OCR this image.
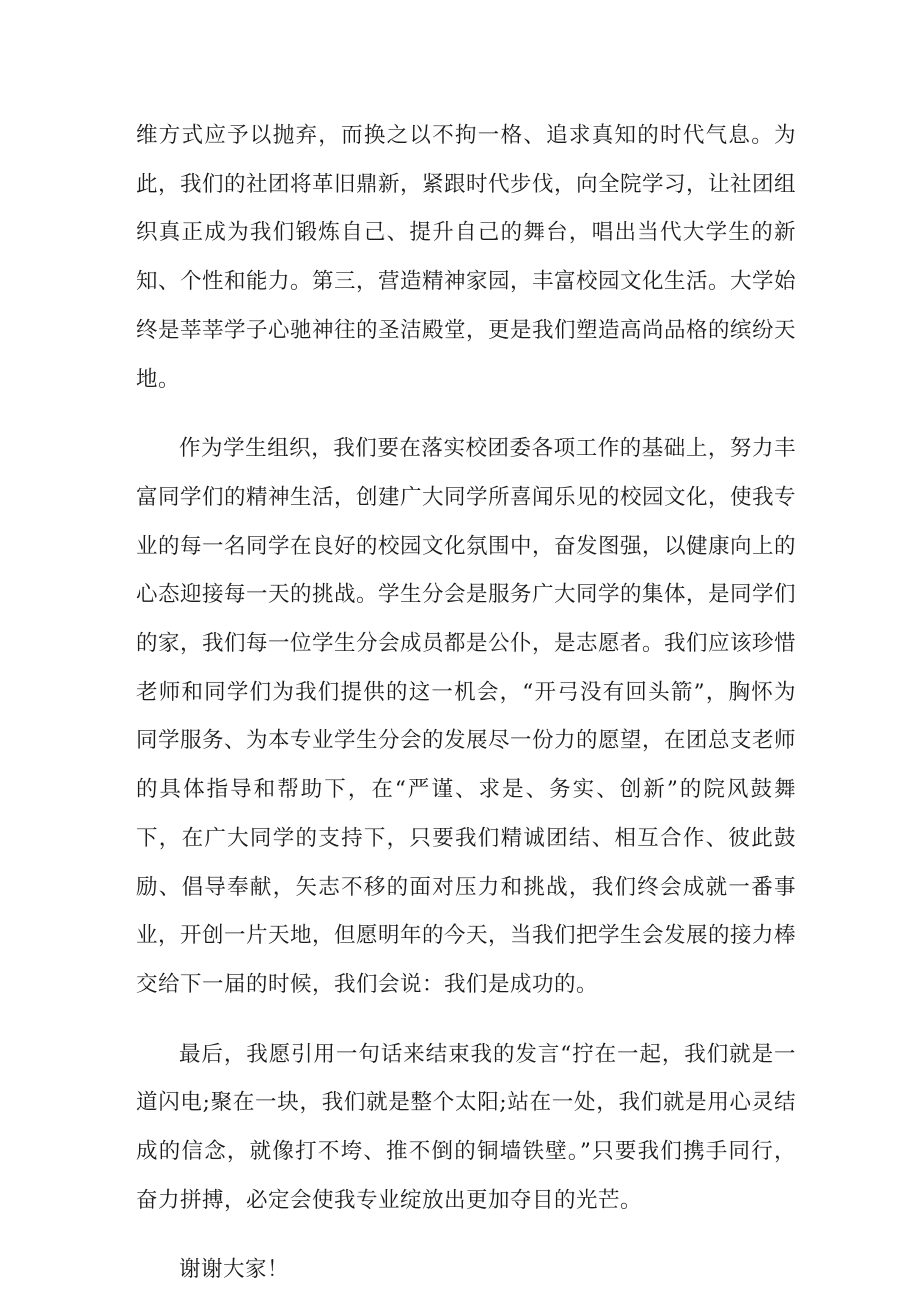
维方式应予以抛弃，而换之以不拘一格、追求真知的时代气息。为此，我们的社团将革旧鼎新，紧跟时代步伐，向全院学习，让社团组织真正成为我们锻炼自己、提升自己的舞台，唱出当代大学生的新知、个性和能力。第三，营造精神家园，丰富校园文化生活。大学始终是莘莘学子心驰神往的圣洁殿堂，更是我们塑造高尚品格的缤纷天地。

作为学生组织，我们要在落实校团委各项工作的基础上，努力丰富同学们的精神生活，创建广大同学所喜闻乐见的校园文化，使我专业的每一名同学在良好的校园文化氛围中，奋发图强，以健康向上的心态迎接每一天的挑战。学生分会是服务广大同学的集体，是同学们的家，我们每一位学生分会成员都是公仆，是志愿者。我们应该珍惜老师和同学们为我们提供的这一机会，“开弓没有回头箭”，胸怀为同学服务、为本专业学生分会的发展尽一份力的愿望，在团总支老师的具体指导和帮助下，在“严谨、求是、务实、创新”的院风鼓舞下，在广大同学的支持下，只要我们精诚团结、相互合作、彼此鼓励、倡导奉献，矢志不移的面对压力和挑战，我们终会成就一番事业，开创一片天地，但愿明年的今天，当我们把学生会发展的接力棒交给下一届的时候，我们会说：我们是成功的。

最后，我愿引用一句话来结束我的发言“拧在一起，我们就是一道闪电;聚在一块，我们就是整个太阳;站在一处，我们就是用心灵结成的信念，就像打不垮、推不倒的铜墙铁壁。”只要我们携手同行，奋力拼搏，必定会使我专业绽放出更加夺目的光芒。

谢谢大家！
